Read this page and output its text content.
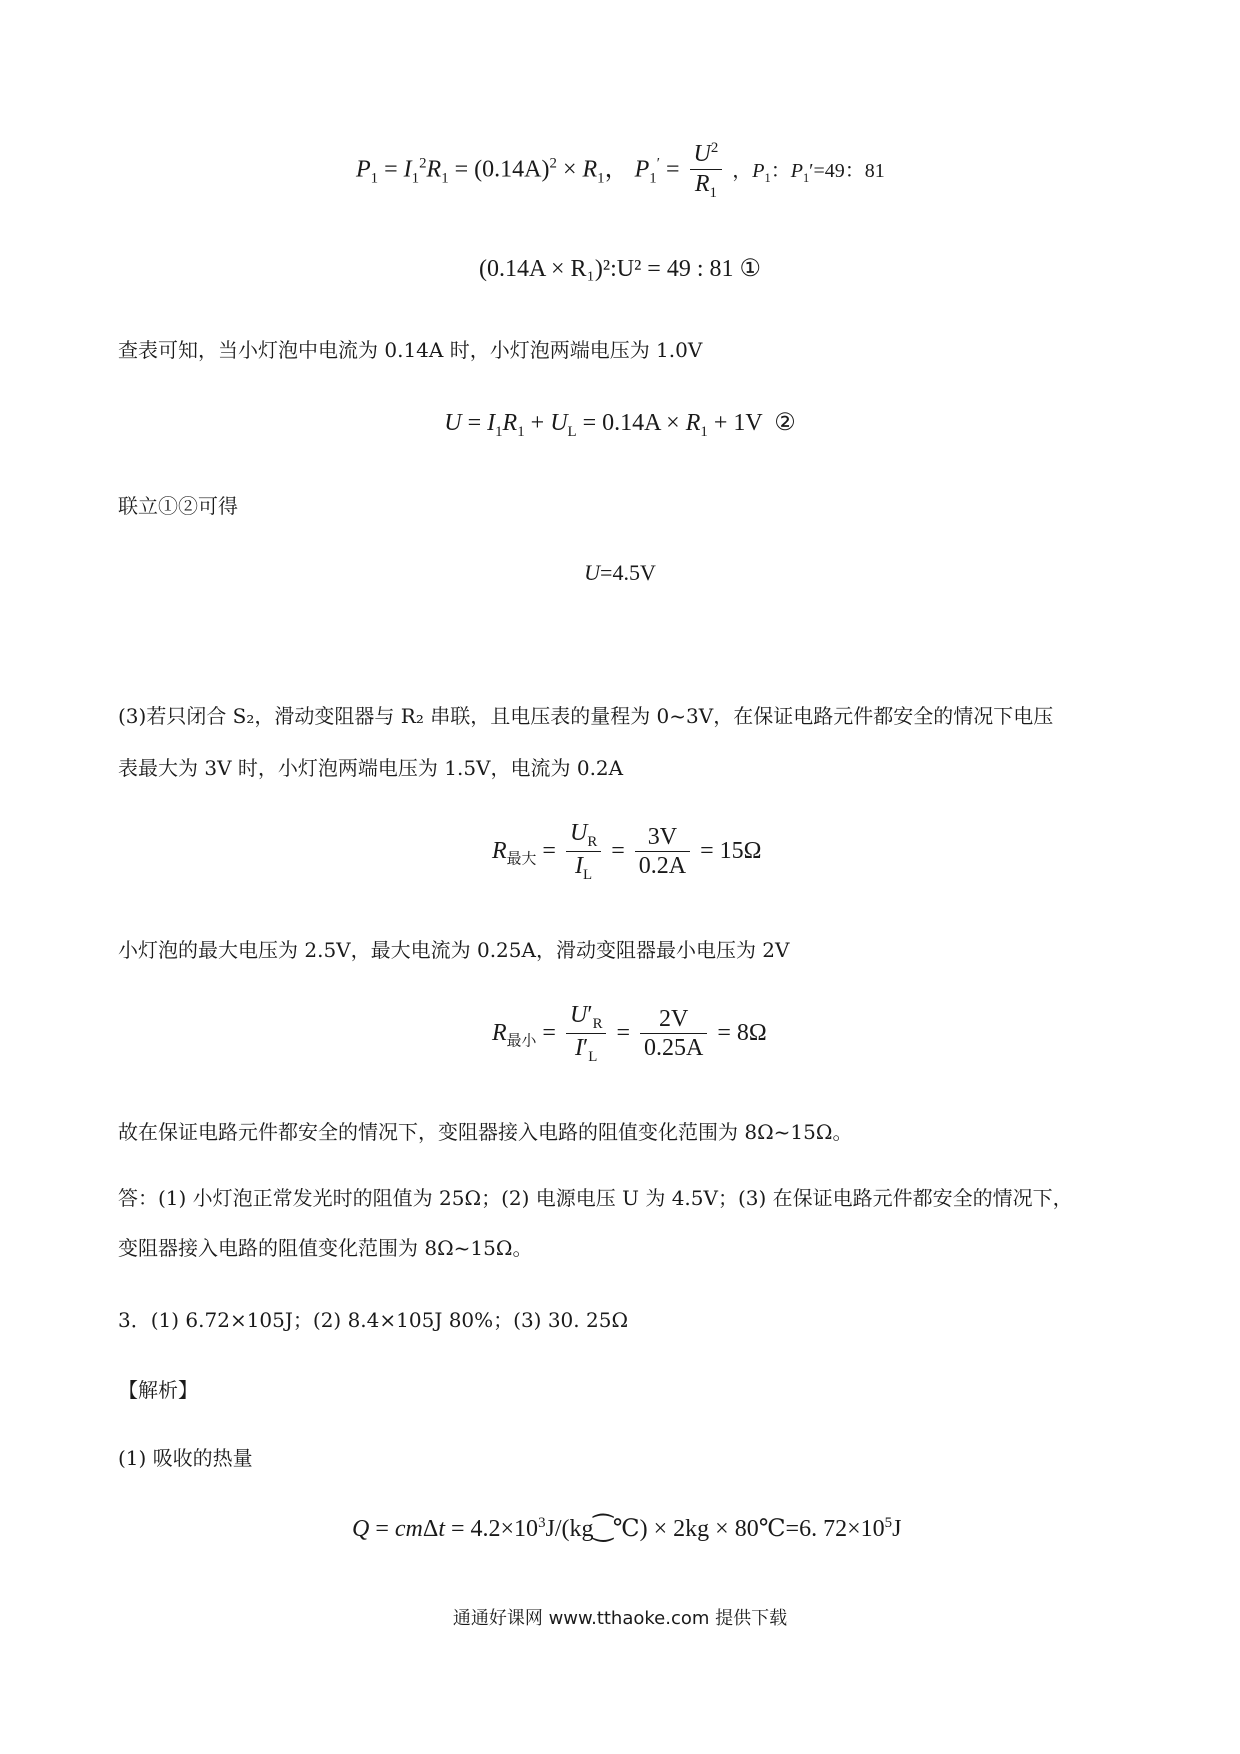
$P_1 = I_1^2R_1 = (0.14A)^2 \times R_1$， $P_1' = \frac{U^2}{R_1}$ ，$P_1$：$P_1'=49$：81
(0.14A × R₁)²:U² = 49 : 81 ①
查表可知，当小灯泡中电流为 0.14A 时，小灯泡两端电压为 1.0V
$U = I_1R_1 + U_L = 0.14A \times R_1 + 1V$  ②
联立①②可得
U=4.5V
(3)若只闭合 S₂，滑动变阻器与 R₂ 串联，且电压表的量程为 0~3V，在保证电路元件都安全的情况下电压
表最大为 3V 时，小灯泡两端电压为 1.5V，电流为 0.2A
$R_{最大} = \frac{U_R}{I_L} = \frac{3V}{0.2A} = 15\Omega$
小灯泡的最大电压为 2.5V，最大电流为 0.25A，滑动变阻器最小电压为 2V
$R_{最小} = \frac{U'_R}{I'_L} = \frac{2V}{0.25A} = 8\Omega$
故在保证电路元件都安全的情况下，变阻器接入电路的阻值变化范围为 8Ω~15Ω。
答：(1) 小灯泡正常发光时的阻值为 25Ω；(2) 电源电压 U 为 4.5V；(3) 在保证电路元件都安全的情况下，
变阻器接入电路的阻值变化范围为 8Ω~15Ω。
3．(1) 6.72×105J；(2) 8.4×105J 80%；(3) 30. 25Ω
【解析】
(1) 吸收的热量
$Q = cm\Delta t = 4.2\times 10^3J/(kg⁐℃) \times 2kg$ × 80℃=6. $72\times 10^5J$
通通好课网 www.tthaoke.com 提供下载
